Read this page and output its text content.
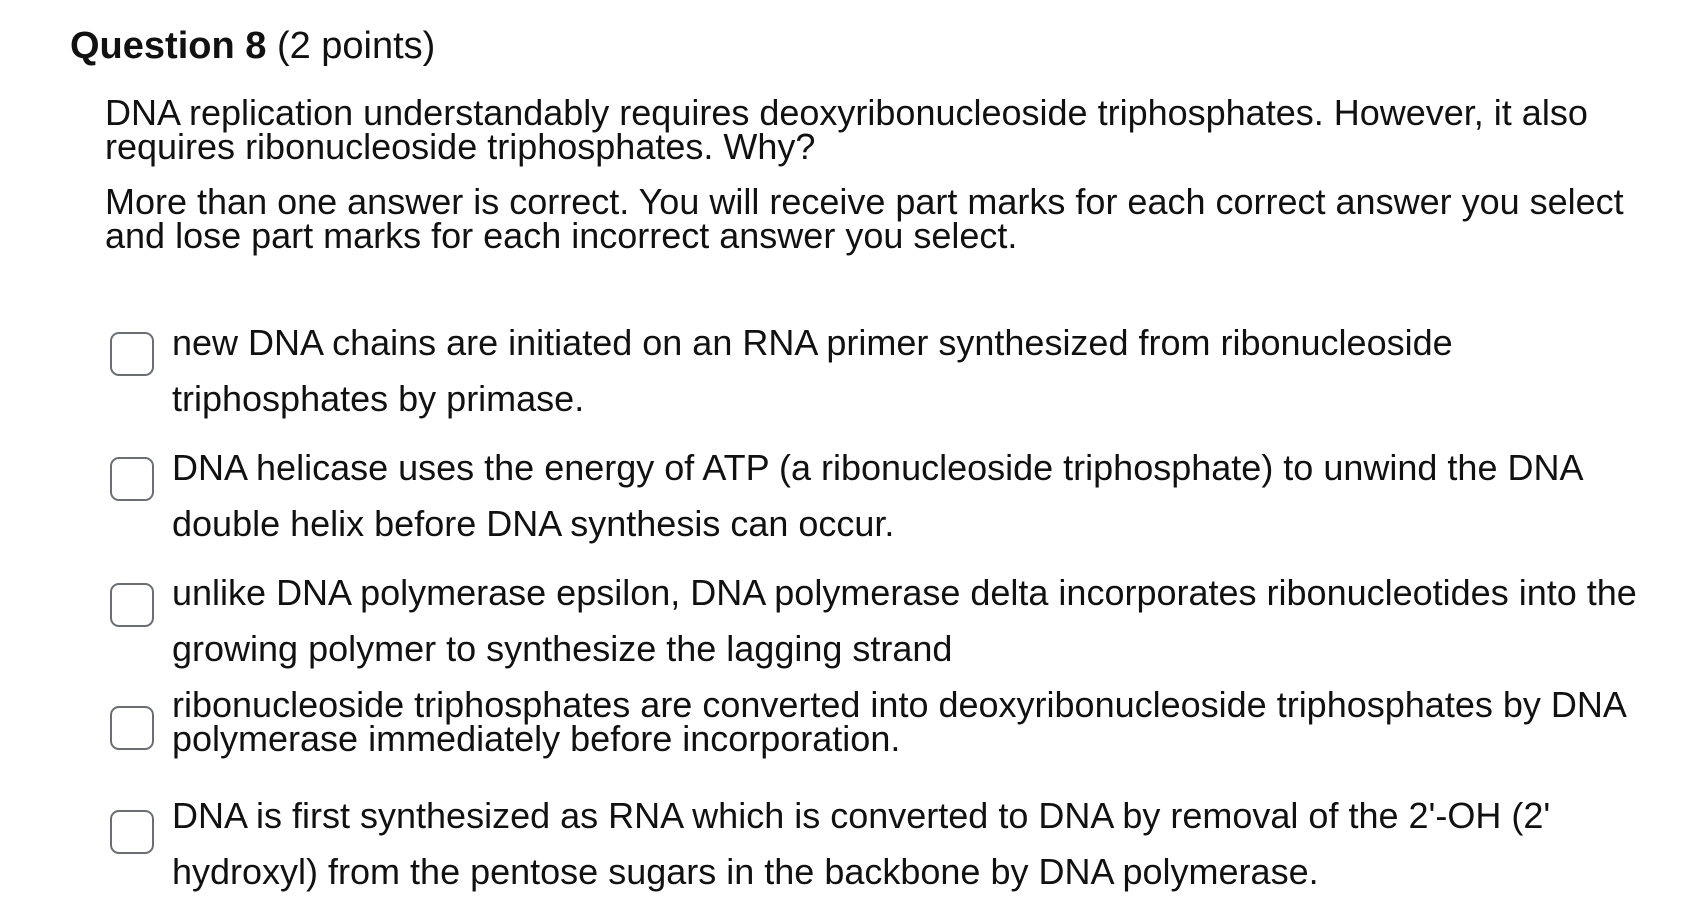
Question 8 (2 points)

DNA replication understandably requires deoxyribonucleoside triphosphates. However, it also requires ribonucleoside triphosphates. Why?

More than one answer is correct. You will receive part marks for each correct answer you select and lose part marks for each incorrect answer you select.

new DNA chains are initiated on an RNA primer synthesized from ribonucleoside triphosphates by primase.

DNA helicase uses the energy of ATP (a ribonucleoside triphosphate) to unwind the DNA double helix before DNA synthesis can occur.

unlike DNA polymerase epsilon, DNA polymerase delta incorporates ribonucleotides into the growing polymer to synthesize the lagging strand

ribonucleoside triphosphates are converted into deoxyribonucleoside triphosphates by DNA polymerase immediately before incorporation.

DNA is first synthesized as RNA which is converted to DNA by removal of the 2'-OH (2' hydroxyl) from the pentose sugars in the backbone by DNA polymerase.
